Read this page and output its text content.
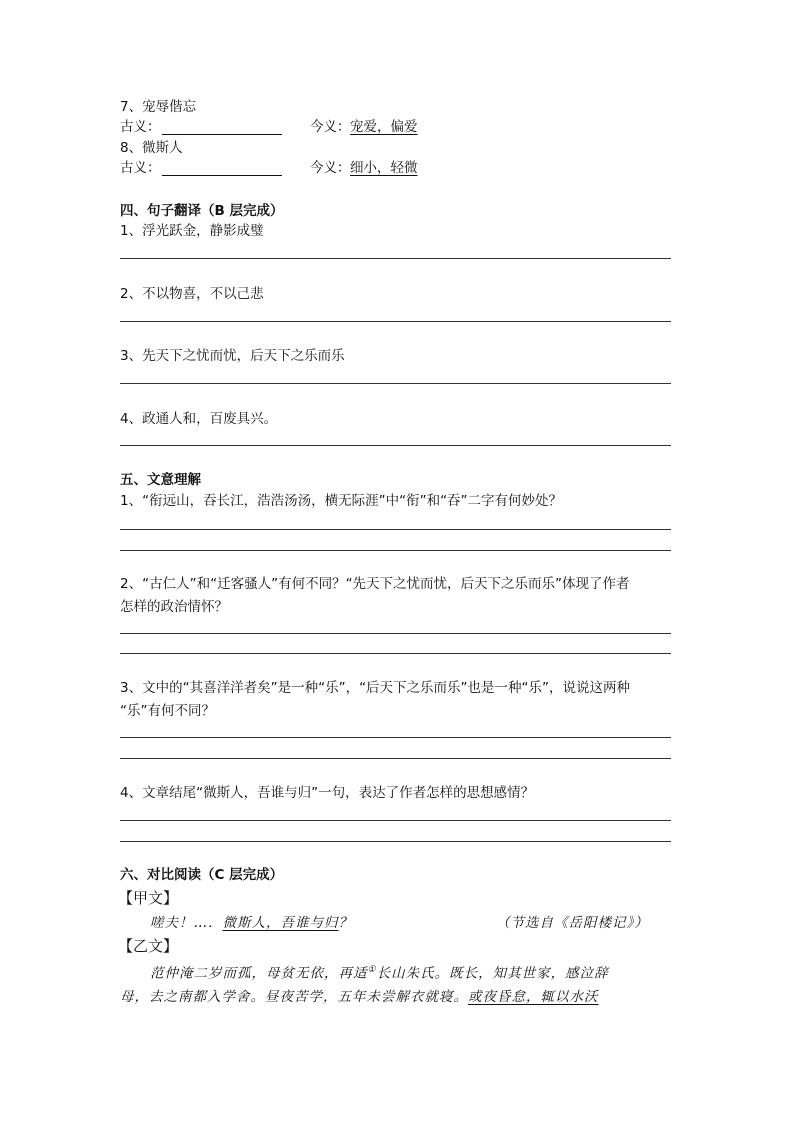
7、宠辱偕忘
古义：	今义： 宠爱，偏爱
8、微斯人
古义：	今义： 细小，轻微
四、句子翻译（B 层完成）
1、浮光跃金，静影成璧
2、不以物喜，不以己悲
3、先天下之忧而忧，后天下之乐而乐
4、政通人和，百废具兴。
五、文意理解
1、“衔远山，吞长江，浩浩汤汤，横无际涯”中“衔”和“吞”二字有何妙处？
2、“古仁人”和“迁客骚人”有何不同？“先天下之忧而忧，后天下之乐而乐”体现了作者
怎样的政治情怀？
3、文中的“其喜洋洋者矣”是一种“乐”，“后天下之乐而乐”也是一种“乐”，说说这两种
“乐”有何不同？
4、文章结尾“微斯人，吾谁与归”一句，表达了作者怎样的思想感情？
六、对比阅读（C 层完成）
【甲文】
嗟夫！…．微斯人，吾谁与归？	（节选自《岳阳楼记》）
【乙文】
范仲淹二岁而孤，母贫无依，再适①长山朱氏。既长，知其世家，感泣辞
母，去之南都入学舍。昼夜苦学，五年未尝解衣就寝。或夜昏怠，辄以水沃
